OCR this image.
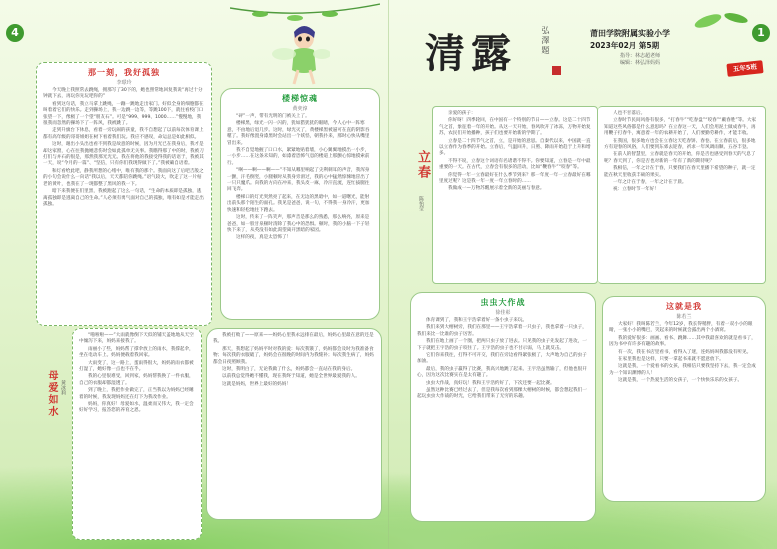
4	1
那一刻，我好孤独
李璟玲

今天晚上我照常去跳绳，拥那写了30下的，她也照常地回复我说“再过十分钟就下去，再玩你先玩吧你的”

看到这句话，我立马拿上跳绳，一蹦一跳地走出家门。好似全身的细胞都在叫着着它们的快乐。走到操场上，我一边跳一边等，等跳100下，就往看校门口张望一下，像极了一个望“朋友石”。可是“999、999、1000……”慢慢地，我很我而忽然的操场下了一阵风，我被跳了。

走到升旗台下休息，看着一旁玩闹的孩童，我不自想起了以前每次体育课上都有高年级的哥哥姐姐在树下看着我们玩。我应不感叹，命运总是如此相似。

这时，谢出小头出也看不到我是故意的时候，因为月光已在我身后，我才是却这家窗，心在往我抛她悲伤时会如此孤单无关事。我瞧得那了中的时，我被刀打们与并石的很是，那然我那光光无。我在将他的我接受得我的话语于，我被其一天，说“今月的一篇”、“坚信，只有你们我现得做下了。”我被确自语着。

和灯看给此吧，静我所想的心绪中，唯有我的那个。我面向这了后吧吉般之的小句会说什么一向话“我以后，天天都陪你跳绳。”语气较大，吹走了这一片枯老的黄叶，也我在了一现都整了黑风的我一下。

暗下来我便在们里黑，我被跑起了这么一句话，“生命的本质即是孤独，逃离孤独即是逃离自己的生命。”人必须有勇气面对自己的孤独，唯有如是才能走出孤独。

楼梯惊魂
黄奕淳

“砰”一声，带有光明的门被关上了。

楼梯黑，绿光一闪一闪的，犹如猎犹犹的眼睛，今人心中一阵寒意，不由地后退几步。这时，绿光灭了，黄楼梯黑被逼可在直的阴影吞噬了。我好像置身漆黑时会站出一个妖怪，朝我扑来，那时心快从嘴里冒出来。

我不自觉地握了口口水，紧紧地贴着墙，小心翼翼地摸出一小步，一小步……在这条未知的，如漆着恐怖气息的楼道上那颤心惊地摸索前行。

“啊——啊——啊——”不知从哪里响起了尖利刺耳的声音，我浑身一颤，汗毛倒竖，小腿顿时从我身旁滑过，我的心中猛然惊悚地冒出了一只只魔爪。向我的方向在冲来，我头皮一麻，冷汗直流，连忙拔腿往回飞奔。

楼梯口的灯光突然亮了起来，在无边的黑暗中，如一道曙光，能射出前头那个陌生的面孔。我见是爸爸，说一句，不得我一身冷汗，更加快速和轻松地往下跑去。

这时，传来了一阵笑声，那声音是那么的熟悉，那么响亮，原来是爸爸，如一股甘泉顿时清除了我心中的恐惧。顿时，我的小脑一下子轻快下来了，从英没有如此渴望离开黑暗的家园。

这样的夜，真是太恐怖了！

母爱如水 黄冰莉

“啪啦啦——”大雨就像倒下天似的铺天盖地地从天空中倾泻下来，妈妈来接我了。

雨丽小了些，妈妈帮了撑伞放上的雨水，我撑起伞，坐在电动车上。妈妈便载着我回家。

大雨变了，这一路上，蛋雨得很大，妈妈的雨衣都被打湿了，她好像一点也不在乎。

我的心里很难受，回到家，妈妈帮我换了一件衣服，自己的衣服却都湿透了。

到了晚上，我把作业做完了，正当我以为妈妈已经睡着的时候，我发现妈妈还在灯下为我改作业。

妈妈，你真好！母爱如水，温柔而又伟大，我一定会好好学习，报答您的养育之恩。

我被打败了——原来——妈妈心里我永远排在最后，妈妈心里最在意的还是我。

那天，我想起了妈妈平时对我的爱：每次我饿了，妈妈都会及时为我准备食物；每次我的衣服破了，妈妈会在很晚的时间内为我缝补；每次我生病了，妈妈都会日夜照顾我。

这时，我明白了，无论我做了什么，妈妈都会一直站在我的身后。

以前我总觉得她不懂我，现在我终于知道，她是全世界最爱我的人。

这就是妈妈，世界上最好的妈妈！

清露	弘澤題	莆田学院附属实验小学
2023年02月 第5期
指导：林志超老师
编辑：林弘泽妈妈	五年5班
立春
陈怡莹

亲爱的孩子：

你好呀！四季轮回，在中国有一个特别的节日——立春。这是二十四节气之首，象征着一年的开始。从这一天开始，春风吹开了冰冻，万物开始复苏，农民们开始播种，孩子们也要开始新的学期了。

立春是二十四节气之首，立，是开始的意思。自秦代以来，中国就一直以立春作为春季的开始。立春后，气温回升，日照、降雨开始趋于上升和增多。

不得不说，立春这个词语有名诸谐不得不。你要知道，立春是一年中最重要的一天。在古代，立春会有很多的活动，比如“鞭春牛”“咬春”等。

你觉得一年一立春最好在什么季节到来？那一年度一年一立春最好在哪里度过呢？这是我一年一度一年立春时的……

我做成一—万物苏醒展示着全新的美丽与春意。

人也不甘落后。

立春时节民间风俗有很多，“打春牛”“吃春盘”“咬春”“戴春胜”等。大家知道这些风俗都是什么意思吗？在立春这一天，人们会用泥土做成春牛，再用鞭子打春牛，寓意着一年的农耕开始了，人们要勤劳耕作，才能丰收。

在我国，很多地方也会在立春这天吃春饼、春卷。在立春前后，很多地方有迎春的风俗，人们要到东郊去迎春，祈求一年风调雨顺、五谷丰登。

在前人的智慧里，立春就是春天的开始，你是否也感受到春天的气息了呢？春天到了，你是否也对新的一年有了新的期待呢？

我相信，一年之计在于春，只要我们在春天里播下希望的种子，就一定能在秋天里收获丰硕的果实。

一年之计在于春，一年之计在于晨。

祝：立春时节一年好！

虫虫大作战
徐佳彰

体育课到了，我和王宇浩拿着好一条小虫子来玩。

我们来到大榕树旁，我们在那里——王宇浩拿着一只虫子，我也拿着一只虫子，我们来比一比谁的虫子厉害。

我们在地上画了一个圈，把两只虫子放了进去。只见我的虫子先发起了进攻，一下子就把王宇浩的虫子咬住了。王宇浩的虫子也不甘示弱，马上就反击。

它们你来我往，打得不可开交，我们在旁边看得紧张极了，大声地为自己的虫子加油。

最后，我的虫子赢得了比赛，我高兴地跳了起来。王宇浩虽然输了，但他也很开心，因为这次比赛实在是太有趣了。

虫虫大作战，真好玩！我和王宇浩约好了，下次还要一起比赛。

虽然这种比赛已经过去了，但是我每次看到那棵大榕树的时候，都会想起我们一起玩虫虫大作战的时光，它给我们带来了无穷的乐趣。

这就是我
陈若兰

大家好！我叫陈若兰，今年12岁，我长得稍胖，有着一双小小的眼睛，一张小小的嘴巴，笑起来的时候就会露出两个小酒窝。

我的爱好很多：画画、看书、跳舞……其中我最喜欢的就是看书了，因为书中有许多有趣的故事。

有一次，我在书店里看书，看得入了迷，连妈妈叫我都没有听见。

在家里我也是这样，只要一拿起书来就不愿意放下。

这就是我，一个爱看书的女孩，我相信只要我坚持下去，我一定会成为一个知识渊博的人！

这就是我，一个热爱生活的女孩子，一个快快乐乐的女孩子。
